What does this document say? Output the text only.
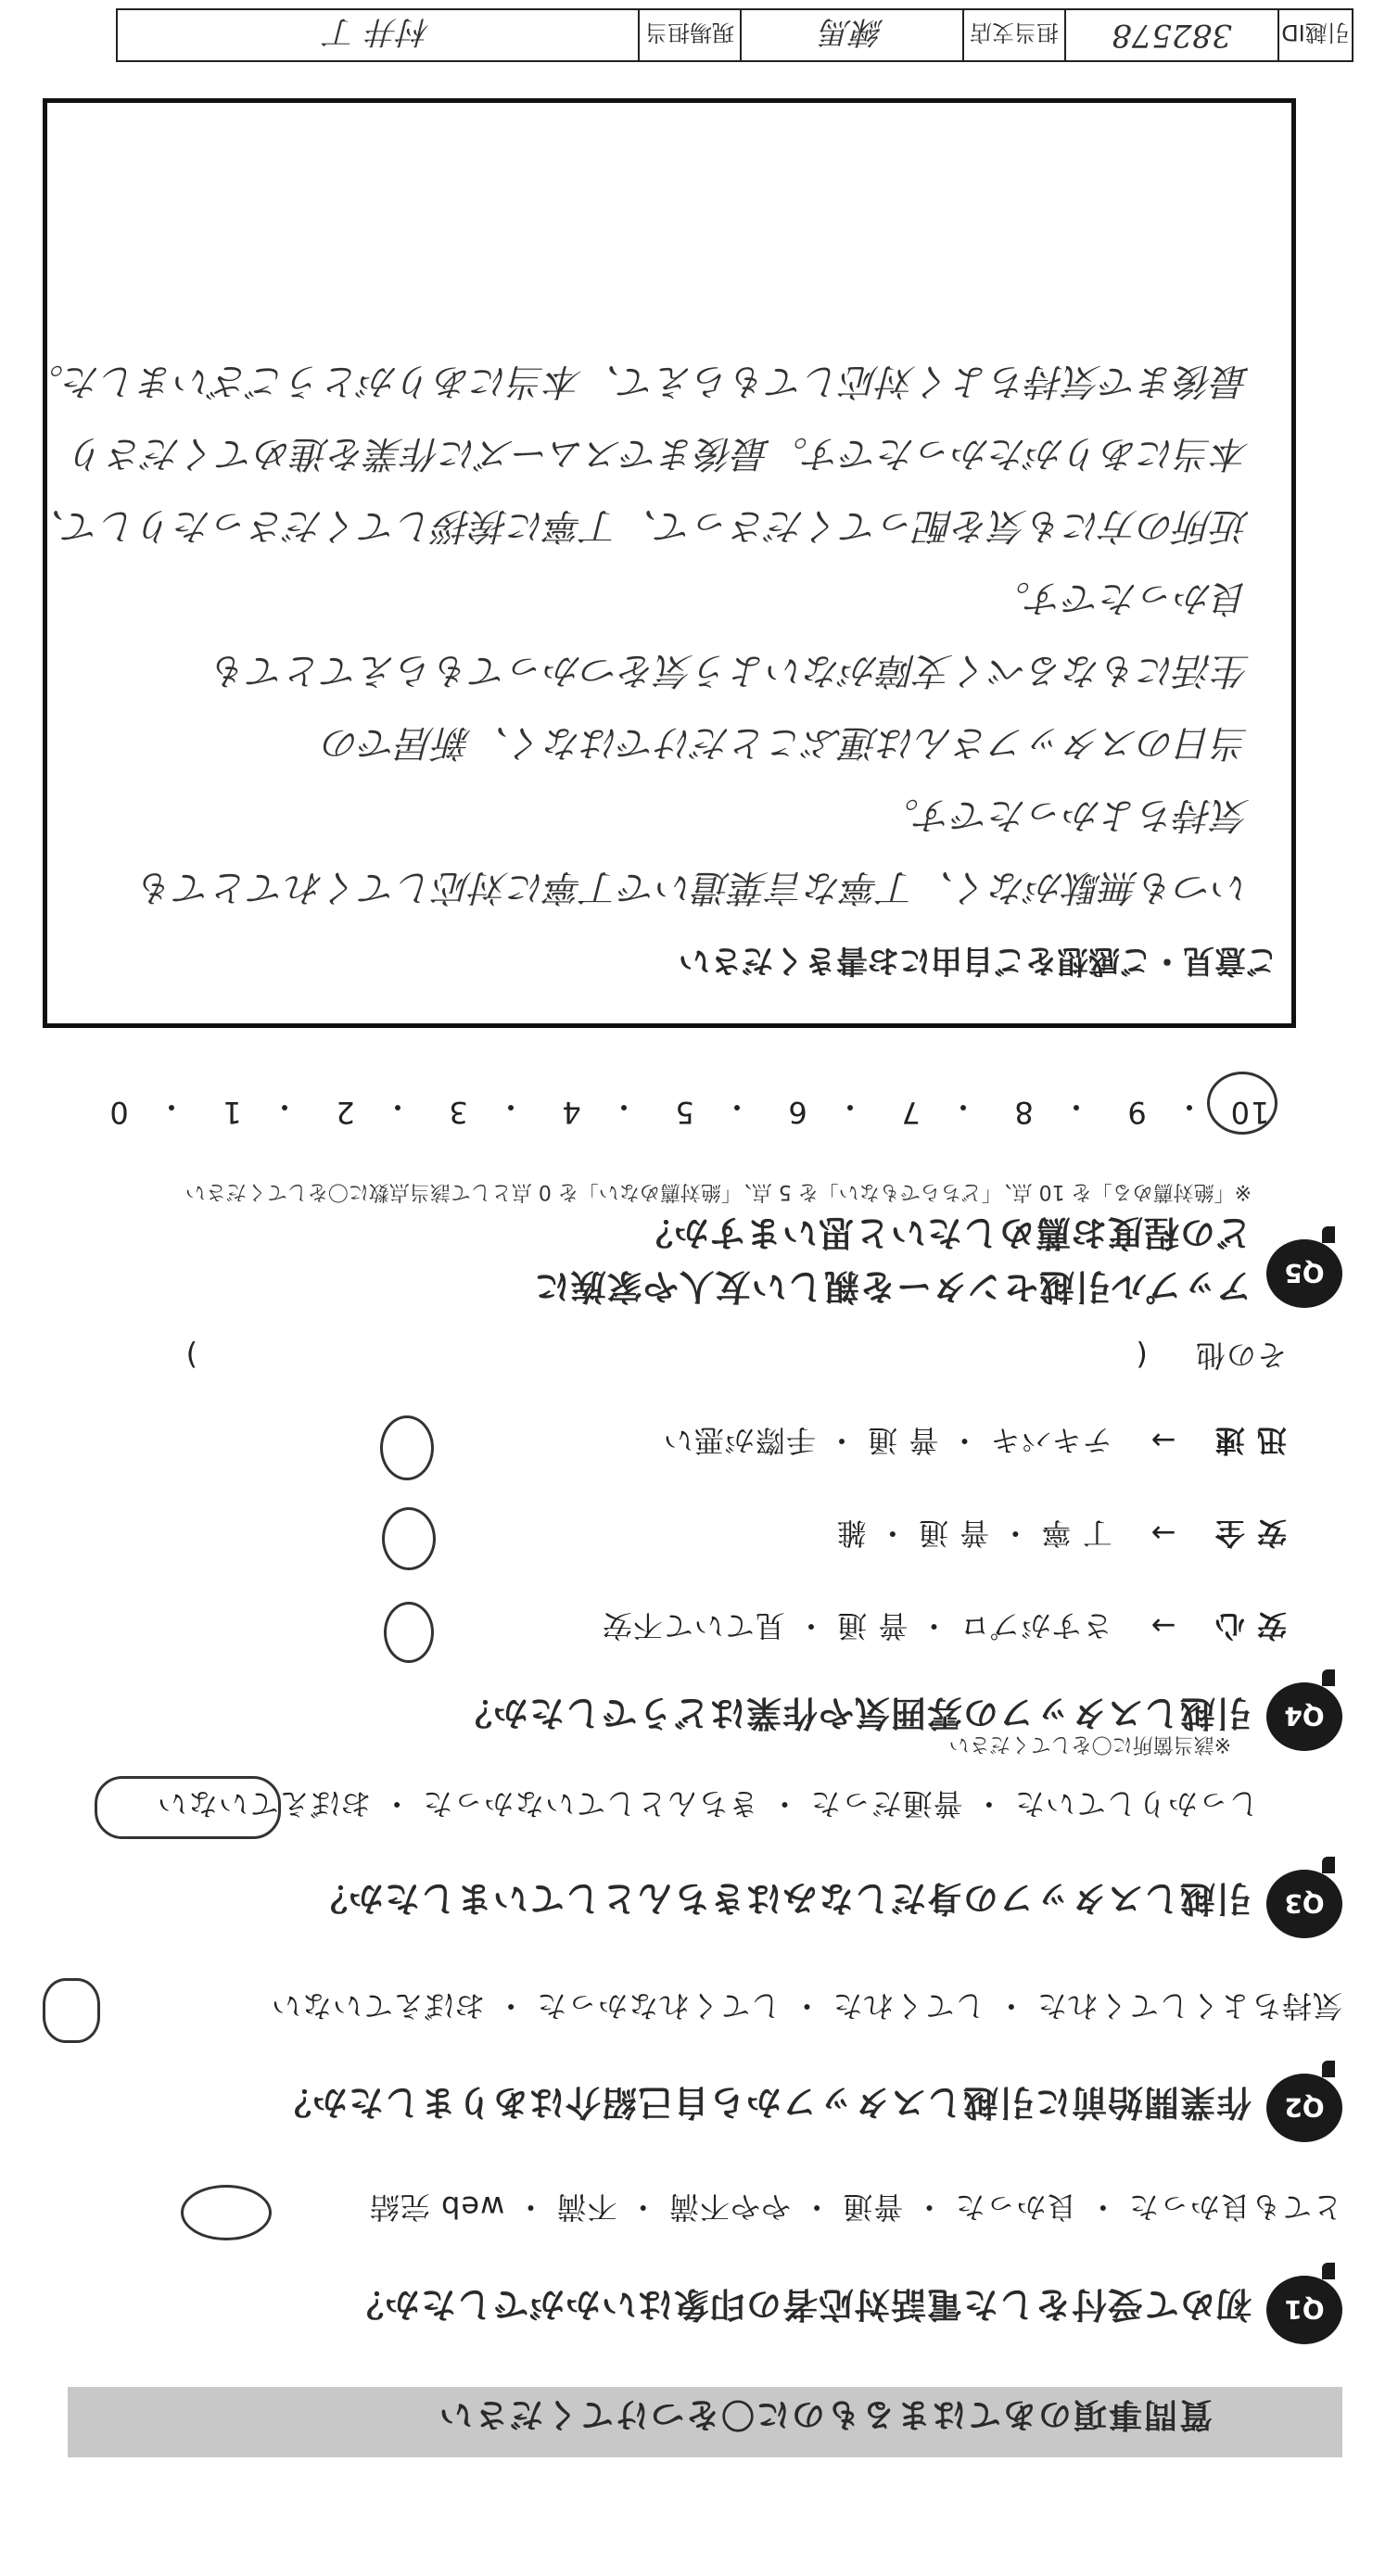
質問事項のあてはまるものに〇をつけてください
Q1
初めて受付をした電話対応者の印象はいかがでしたか？
とても良かった ・ 良かった ・ 普通 ・ やや不満 ・ 不満 ・ web 完結
Q2
作業開始前に引越しスタッフから自己紹介はありましたか？
気持ちよくしてくれた ・ してくれた ・ してくれなかった ・ おぼえていない
Q3
引越しスタッフの身だしなみはきちんとしていましたか？
しっかりしていた ・ 普通だった ・ きちんとしていなかった ・ おぼえていない
Q4
引越しスタッフの雰囲気や作業はどうでしたか？
※該当箇所に〇をしてください
安 心 → さすがプロ ・ 普 通 ・ 見ていて不安
安 全 → 丁 寧 ・ 普 通 ・ 雑
迅 速 → テキパキ ・ 普 通 ・ 手際が悪い
その他 ( )
Q5
アップル引越センターを親しい友人や家族に
どの程度お薦めしたいと思いますか？
※「絶対薦める」を 10 点、「どちらでもない」を 5 点、「絶対薦めない」を 0 点として該当点数に〇をしてください
10
・
9
・
8
・
7
・
6
・
5
・
4
・
3
・
2
・
1
・
0
ご意見・ご感想をご自由にお書きください
いつも無駄がなく、丁寧な言葉遣いで丁寧に対応してくれてとても
気持ちよかったです。
当日のスタッフさんは運ぶことだけではなく、新居での
生活にもなるべく支障がないよう気をつかってもらえてとても
良かったです。
近所の方にも気を配ってくださって、丁寧に挨拶してくださったりして、
本当にありがたかったです。最後までスムーズに作業を進めてくださり
最後まで気持ちよく対応してもらえて、本当にありがとうございました。
引越ID
382578
担当支店
練馬
現場担当
村井 丁
